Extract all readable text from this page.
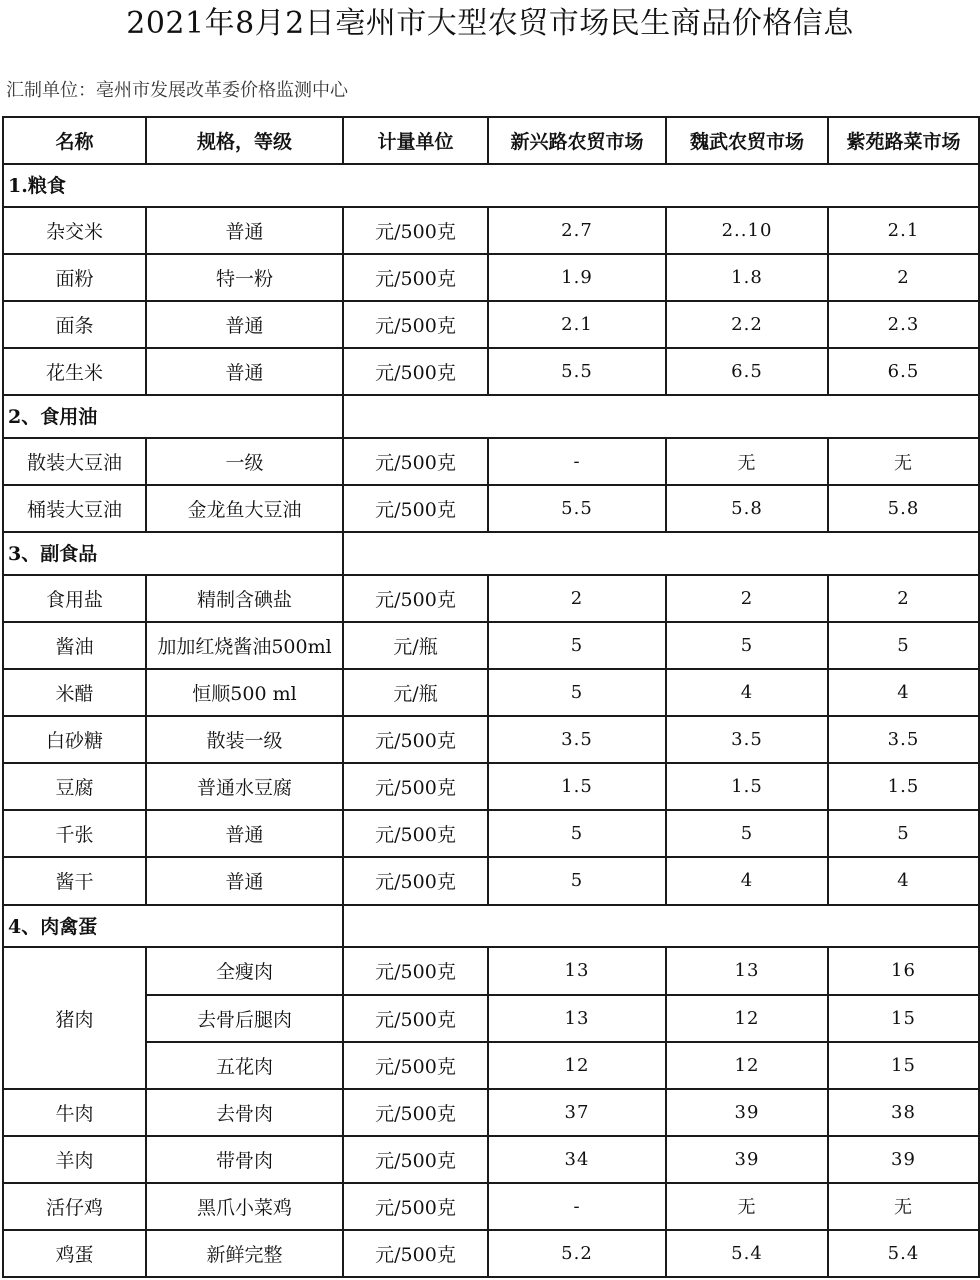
2021年8月2日亳州市大型农贸市场民生商品价格信息
汇制单位：亳州市发展改革委价格监测中心
名称	规格，等级	计量单位	新兴路农贸市场	魏武农贸市场	紫苑路菜市场
1.粮食					
杂交米	普通	元/500克	2.7	2..10	2.1
面粉	特一粉	元/500克	1.9	1.8	2
面条	普通	元/500克	2.1	2.2	2.3
花生米	普通	元/500克	5.5	6.5	6.5
2、食用油					
散装大豆油	一级	元/500克	-	无	无
桶装大豆油	金龙鱼大豆油	元/500克	5.5	5.8	5.8
3、副食品					
食用盐	精制含碘盐	元/500克	2	2	2
酱油	加加红烧酱油500ml	元/瓶	5	5	5
米醋	恒顺500 ml	元/瓶	5	4	4
白砂糖	散装一级	元/500克	3.5	3.5	3.5
豆腐	普通水豆腐	元/500克	1.5	1.5	1.5
千张	普通	元/500克	5	5	5
酱干	普通	元/500克	5	4	4
4、肉禽蛋					
猪肉	全瘦肉	元/500克	13	13	16
	去骨后腿肉	元/500克	13	12	15
	五花肉	元/500克	12	12	15
牛肉	去骨肉	元/500克	37	39	38
羊肉	带骨肉	元/500克	34	39	39
活仔鸡	黑爪小菜鸡	元/500克	-	无	无
鸡蛋	新鲜完整	元/500克	5.2	5.4	5.4
